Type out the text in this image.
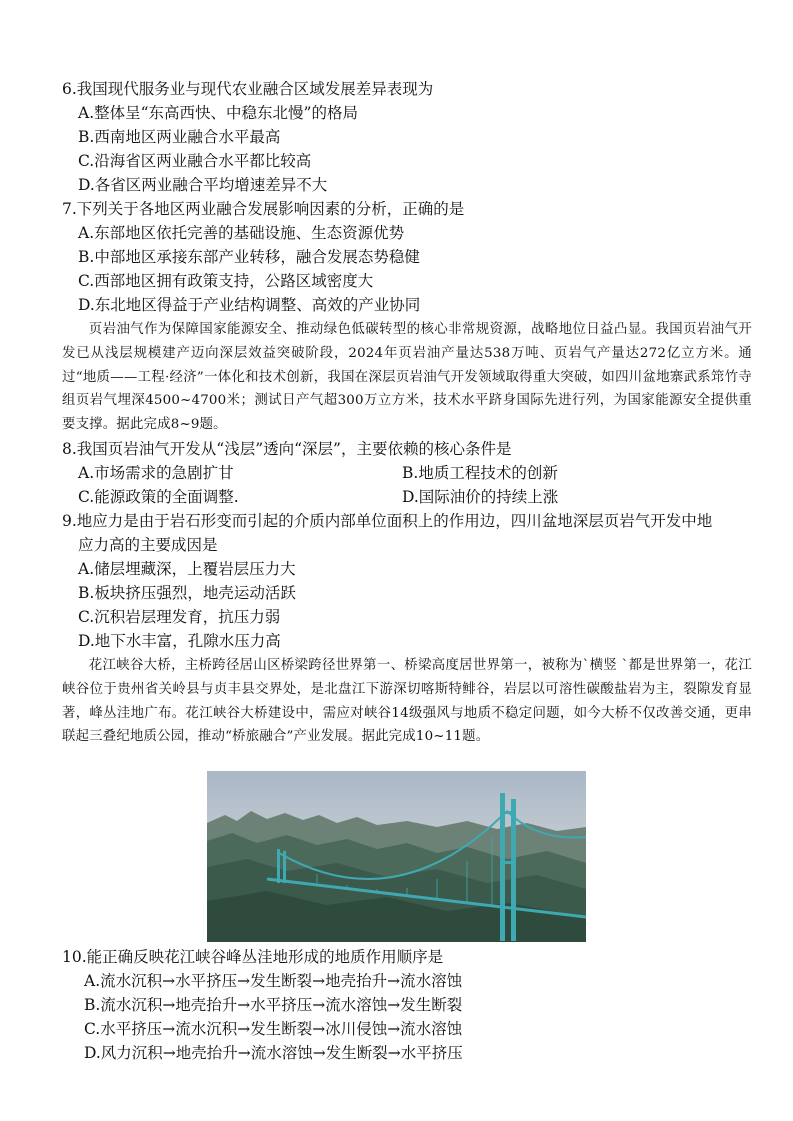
6.我国现代服务业与现代农业融合区域发展差异表现为
A.整体呈“东高西快、中稳东北慢”的格局
B.西南地区两业融合水平最高
C.沿海省区两业融合水平都比较高
D.各省区两业融合平均增速差异不大
7.下列关于各地区两业融合发展影响因素的分析，正确的是
A.东部地区依托完善的基础设施、生态资源优势
B.中部地区承接东部产业转移，融合发展态势稳健
C.西部地区拥有政策支持，公路区域密度大
D.东北地区得益于产业结构调整、高效的产业协同
页岩油气作为保障国家能源安全、推动绿色低碳转型的核心非常规资源，战略地位日益凸显。我国页岩油气开发已从浅层规模建产迈向深层效益突破阶段，2024年页岩油产量达538万吨、页岩气产量达272亿立方米。通过“地质——工程·经济”一体化和技术创新，我国在深层页岩油气开发领域取得重大突破，如四川盆地寨武系筇竹寺组页岩气埋深4500~4700米；测试日产气超300万立方米，技术水平跻身国际先进行列，为国家能源安全提供重要支撑。据此完成8~9题。
8.我国页岩油气开发从“浅层”透向“深层”，主要依赖的核心条件是
A.市场需求的急剧扩甘	B.地质工程技术的创新
C.能源政策的全面调整.	D.国际油价的持续上涨
9.地应力是由于岩石形变而引起的介质内部单位面积上的作用边，四川盆地深层页岩气开发中地
应力高的主要成因是
A.储层埋藏深，上覆岩层压力大
B.板块挤压强烈，地壳运动活跃
C.沉积岩层理发育，抗压力弱
D.地下水丰富，孔隙水压力高
花江峡谷大桥，主桥跨径居山区桥梁跨径世界第一、桥梁高度居世界第一，被称为`横竖 `都是世界第一，花江峡谷位于贵州省关岭县与贞丰县交界处，是北盘江下游深切喀斯特鲱谷，岩层以可溶性碳酸盐岩为主，裂隙发育显著，峰丛洼地广布。花江峡谷大桥建设中，需应对峡谷14级强风与地质不稳定问题，如今大桥不仅改善交通，更串联起三叠纪地质公园，推动“桥旅融合”产业发展。据此完成10~11题。
10.能正确反映花江峡谷峰丛洼地形成的地质作用顺序是
A.流水沉积→水平挤压→发生断裂→地壳抬升→流水溶蚀
B.流水沉积→地壳抬升→水平挤压→流水溶蚀→发生断裂
C.水平挤压→流水沉积→发生断裂→冰川侵蚀→流水溶蚀
D.风力沉积→地壳抬升→流水溶蚀→发生断裂→水平挤压
